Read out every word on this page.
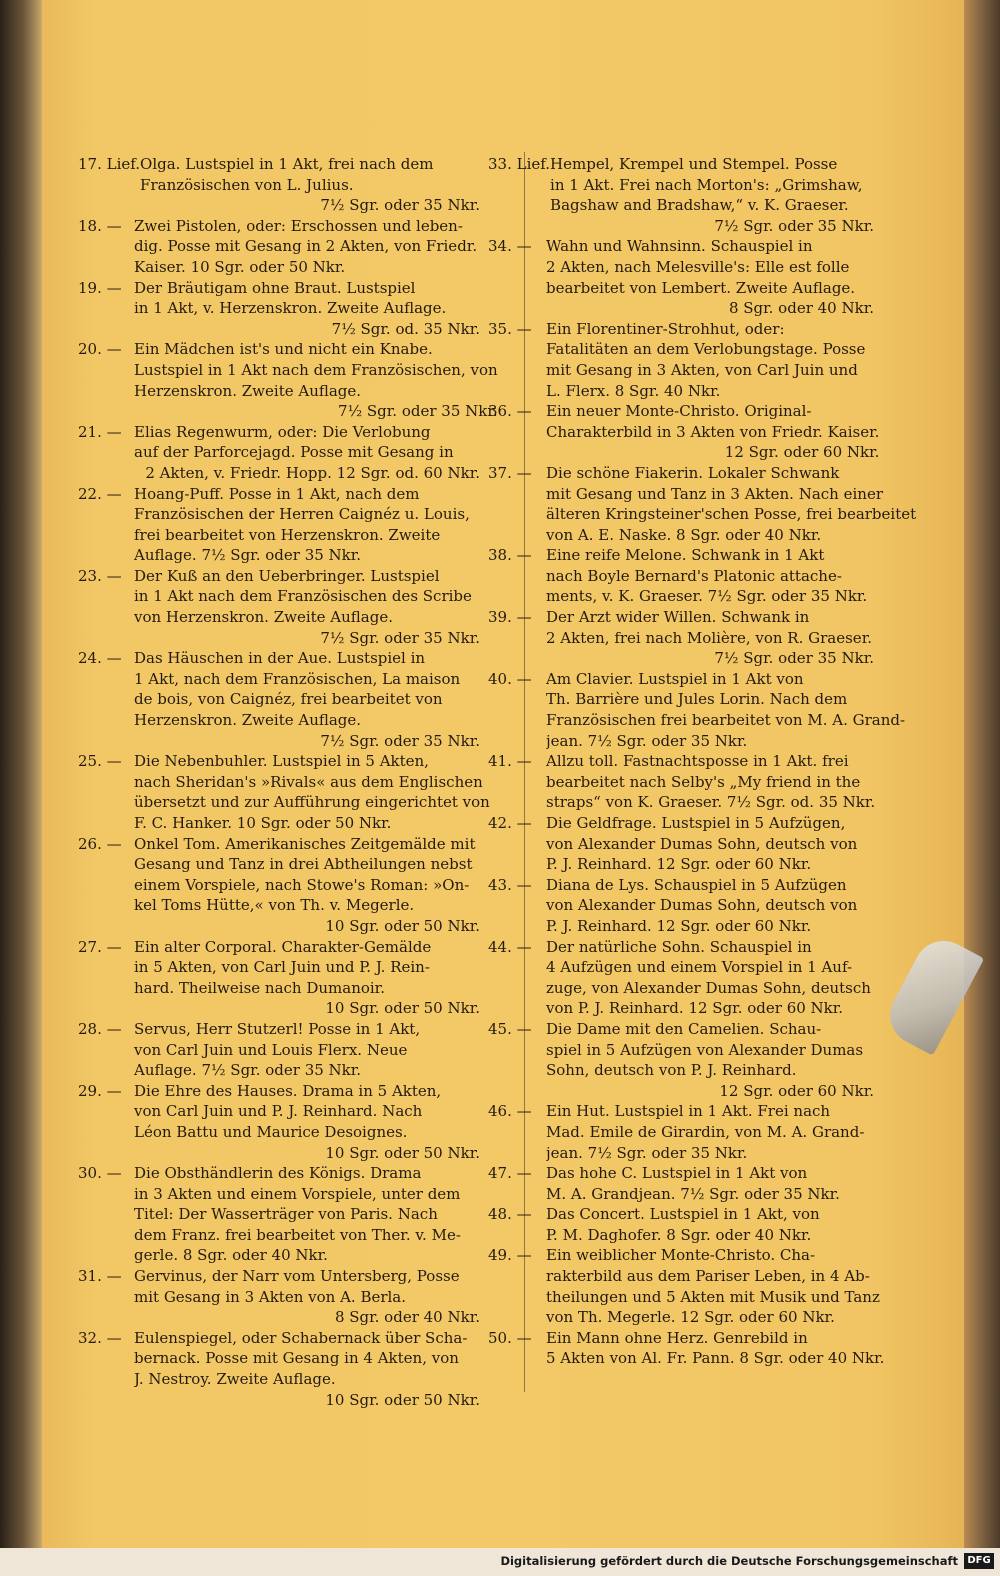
17. Lief. Olga. Lustspiel in 1 Akt, frei nach dem
Französischen von L. Julius.
7½ Sgr. oder 35 Nkr.
18. — Zwei Pistolen, oder: Erschossen und leben-
dig. Posse mit Gesang in 2 Akten, von Friedr.
Kaiser. 10 Sgr. oder 50 Nkr.
19. — Der Bräutigam ohne Braut. Lustspiel
in 1 Akt, v. Herzenskron. Zweite Auflage.
7½ Sgr. od. 35 Nkr.
20. — Ein Mädchen ist's und nicht ein Knabe.
Lustspiel in 1 Akt nach dem Französischen, von
Herzenskron. Zweite Auflage.
7½ Sgr. oder 35 Nkr.
21. — Elias Regenwurm, oder: Die Verlobung
auf der Parforcejagd. Posse mit Gesang in
2 Akten, v. Friedr. Hopp. 12 Sgr. od. 60 Nkr.
22. — Hoang-Puff. Posse in 1 Akt, nach dem
Französischen der Herren Caignéz u. Louis,
frei bearbeitet von Herzenskron. Zweite
Auflage. 7½ Sgr. oder 35 Nkr.
23. — Der Kuß an den Ueberbringer. Lustspiel
in 1 Akt nach dem Französischen des Scribe
von Herzenskron. Zweite Auflage.
7½ Sgr. oder 35 Nkr.
24. — Das Häuschen in der Aue. Lustspiel in
1 Akt, nach dem Französischen, La maison
de bois, von Caignéz, frei bearbeitet von
Herzenskron. Zweite Auflage.
7½ Sgr. oder 35 Nkr.
25. — Die Nebenbuhler. Lustspiel in 5 Akten,
nach Sheridan's »Rivals« aus dem Englischen
übersetzt und zur Aufführung eingerichtet von
F. C. Hanker. 10 Sgr. oder 50 Nkr.
26. — Onkel Tom. Amerikanisches Zeitgemälde mit
Gesang und Tanz in drei Abtheilungen nebst
einem Vorspiele, nach Stowe's Roman: »On-
kel Toms Hütte,« von Th. v. Megerle.
10 Sgr. oder 50 Nkr.
27. — Ein alter Corporal. Charakter-Gemälde
in 5 Akten, von Carl Juin und P. J. Rein-
hard. Theilweise nach Dumanoir.
10 Sgr. oder 50 Nkr.
28. — Servus, Herr Stutzerl! Posse in 1 Akt,
von Carl Juin und Louis Flerx. Neue
Auflage. 7½ Sgr. oder 35 Nkr.
29. — Die Ehre des Hauses. Drama in 5 Akten,
von Carl Juin und P. J. Reinhard. Nach
Léon Battu und Maurice Desoignes.
10 Sgr. oder 50 Nkr.
30. — Die Obsthändlerin des Königs. Drama
in 3 Akten und einem Vorspiele, unter dem
Titel: Der Wasserträger von Paris. Nach
dem Franz. frei bearbeitet von Ther. v. Me-
gerle. 8 Sgr. oder 40 Nkr.
31. — Gervinus, der Narr vom Untersberg, Posse
mit Gesang in 3 Akten von A. Berla.
8 Sgr. oder 40 Nkr.
32. — Eulenspiegel, oder Schabernack über Scha-
bernack. Posse mit Gesang in 4 Akten, von
J. Nestroy. Zweite Auflage.
10 Sgr. oder 50 Nkr.
33. Lief. Hempel, Krempel und Stempel. Posse
in 1 Akt. Frei nach Morton's: „Grimshaw,
Bagshaw and Bradshaw,“ v. K. Graeser.
7½ Sgr. oder 35 Nkr.
34. — Wahn und Wahnsinn. Schauspiel in
2 Akten, nach Melesville's: Elle est folle
bearbeitet von Lembert. Zweite Auflage.
8 Sgr. oder 40 Nkr.
35. — Ein Florentiner-Strohhut, oder:
Fatalitäten an dem Verlobungstage. Posse
mit Gesang in 3 Akten, von Carl Juin und
L. Flerx. 8 Sgr. 40 Nkr.
36. — Ein neuer Monte-Christo. Original-
Charakterbild in 3 Akten von Friedr. Kaiser.
12 Sgr. oder 60 Nkr.
37. — Die schöne Fiakerin. Lokaler Schwank
mit Gesang und Tanz in 3 Akten. Nach einer
älteren Kringsteiner'schen Posse, frei bearbeitet
von A. E. Naske. 8 Sgr. oder 40 Nkr.
38. — Eine reife Melone. Schwank in 1 Akt
nach Boyle Bernard's Platonic attache-
ments, v. K. Graeser. 7½ Sgr. oder 35 Nkr.
39. — Der Arzt wider Willen. Schwank in
2 Akten, frei nach Molière, von R. Graeser.
7½ Sgr. oder 35 Nkr.
40. — Am Clavier. Lustspiel in 1 Akt von
Th. Barrière und Jules Lorin. Nach dem
Französischen frei bearbeitet von M. A. Grand-
jean. 7½ Sgr. oder 35 Nkr.
41. — Allzu toll. Fastnachtsposse in 1 Akt. frei
bearbeitet nach Selby's „My friend in the
straps“ von K. Graeser. 7½ Sgr. od. 35 Nkr.
42. — Die Geldfrage. Lustspiel in 5 Aufzügen,
von Alexander Dumas Sohn, deutsch von
P. J. Reinhard. 12 Sgr. oder 60 Nkr.
43. — Diana de Lys. Schauspiel in 5 Aufzügen
von Alexander Dumas Sohn, deutsch von
P. J. Reinhard. 12 Sgr. oder 60 Nkr.
44. — Der natürliche Sohn. Schauspiel in
4 Aufzügen und einem Vorspiel in 1 Auf-
zuge, von Alexander Dumas Sohn, deutsch
von P. J. Reinhard. 12 Sgr. oder 60 Nkr.
45. — Die Dame mit den Camelien. Schau-
spiel in 5 Aufzügen von Alexander Dumas
Sohn, deutsch von P. J. Reinhard.
12 Sgr. oder 60 Nkr.
46. — Ein Hut. Lustspiel in 1 Akt. Frei nach
Mad. Emile de Girardin, von M. A. Grand-
jean. 7½ Sgr. oder 35 Nkr.
47. — Das hohe C. Lustspiel in 1 Akt von
M. A. Grandjean. 7½ Sgr. oder 35 Nkr.
48. — Das Concert. Lustspiel in 1 Akt, von
P. M. Daghofer. 8 Sgr. oder 40 Nkr.
49. — Ein weiblicher Monte-Christo. Cha-
rakterbild aus dem Pariser Leben, in 4 Ab-
theilungen und 5 Akten mit Musik und Tanz
von Th. Megerle. 12 Sgr. oder 60 Nkr.
50. — Ein Mann ohne Herz. Genrebild in
5 Akten von Al. Fr. Pann. 8 Sgr. oder 40 Nkr.
Digitalisierung gefördert durch die Deutsche Forschungsgemeinschaft DFG
